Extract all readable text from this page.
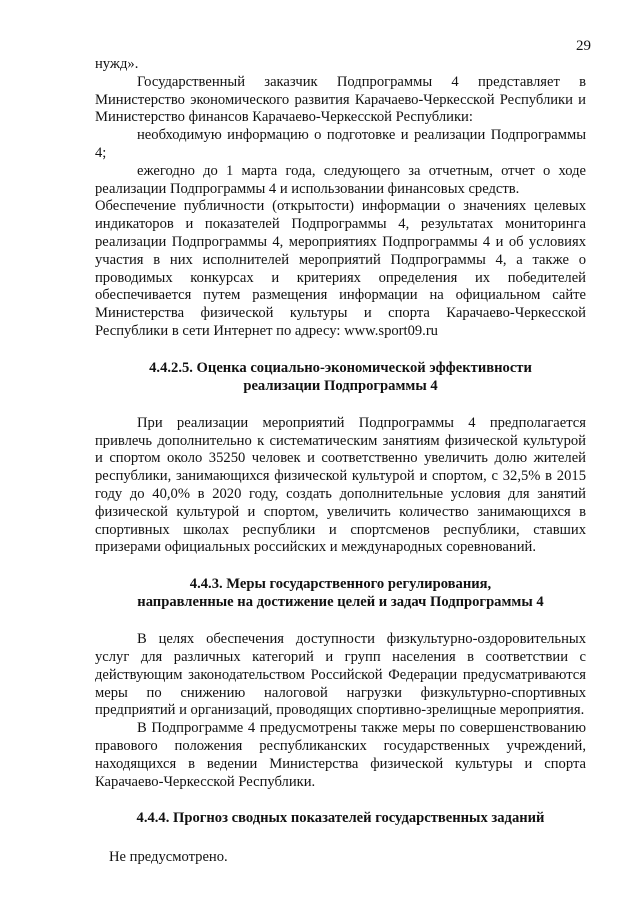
29

нужд».

Государственный заказчик Подпрограммы 4 представляет в Министерство экономического развития Карачаево-Черкесской Республики и Министерство финансов Карачаево-Черкесской Республики:

необходимую информацию о подготовке и реализации Подпрограммы 4;

ежегодно до 1 марта года, следующего за отчетным, отчет о ходе реализации Подпрограммы 4 и использовании финансовых средств.

Обеспечение публичности (открытости) информации о значениях целевых индикаторов и показателей Подпрограммы 4, результатах мониторинга реализации Подпрограммы 4, мероприятиях Подпрограммы 4 и об условиях участия в них исполнителей мероприятий Подпрограммы 4, а также о проводимых конкурсах и критериях определения их победителей обеспечивается путем размещения информации на официальном сайте Министерства физической культуры и спорта Карачаево-Черкесской Республики в сети Интернет по адресу: www.sport09.ru

4.4.2.5. Оценка социально-экономической эффективности
реализации Подпрограммы 4

При реализации мероприятий Подпрограммы 4 предполагается привлечь дополнительно к систематическим занятиям физической культурой и спортом около 35250 человек и соответственно увеличить долю жителей республики, занимающихся физической культурой и спортом, с 32,5% в 2015 году до 40,0% в 2020 году, создать дополнительные условия для занятий физической культурой и спортом, увеличить количество занимающихся в спортивных школах республики и спортсменов республики, ставших призерами официальных российских и международных соревнований.

4.4.3. Меры государственного регулирования,
направленные на достижение целей и задач Подпрограммы 4

В целях обеспечения доступности физкультурно-оздоровительных услуг для различных категорий и групп населения в соответствии с действующим законодательством Российской Федерации предусматриваются меры по снижению налоговой нагрузки физкультурно-спортивных предприятий и организаций, проводящих спортивно-зрелищные мероприятия.

В Подпрограмме 4 предусмотрены также меры по совершенствованию правового положения республиканских государственных учреждений, находящихся в ведении Министерства физической культуры и спорта Карачаево-Черкесской Республики.

4.4.4. Прогноз сводных показателей государственных заданий

Не предусмотрено.
